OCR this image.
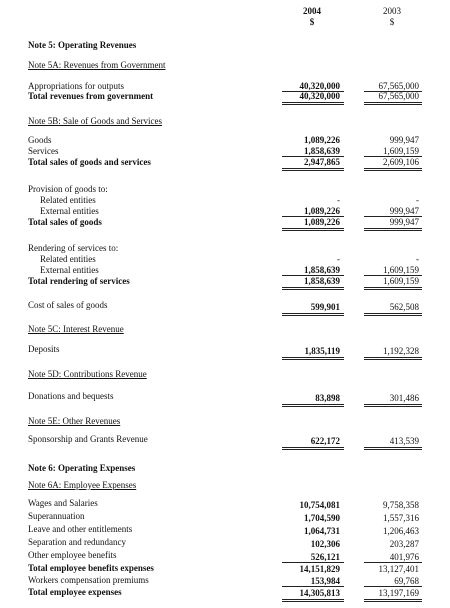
2004	2003
$	$
Note 5: Operating Revenues
Note 5A: Revenues from Government
Appropriations for outputs	40,320,000	67,565,000
Total revenues from government	40,320,000	67,565,000
Note 5B: Sale of Goods and Services
Goods	1,089,226	999,947
Services	1,858,639	1,609,159
Total sales of goods and services	2,947,865	2,609,106
Provision of goods to:
Related entities	-	-
External entities	1,089,226	999,947
Total sales of goods	1,089,226	999,947
Rendering of services to:
Related entities	-	-
External entities	1,858,639	1,609,159
Total rendering of services	1,858,639	1,609,159
Cost of sales of goods	599,901	562,508
Note 5C: Interest Revenue
Deposits	1,835,119	1,192,328
Note 5D: Contributions Revenue
Donations and bequests	83,898	301,486
Note 5E: Other Revenues
Sponsorship and Grants Revenue	622,172	413,539
Note 6: Operating Expenses
Note 6A: Employee Expenses
Wages and Salaries	10,754,081	9,758,358
Superannuation	1,704,590	1,557,316
Leave and other entitlements	1,064,731	1,206,463
Separation and redundancy	102,306	203,287
Other employee benefits	526,121	401,976
Total employee benefits expenses	14,151,829	13,127,401
Workers compensation premiums	153,984	69,768
Total employee expenses	14,305,813	13,197,169
